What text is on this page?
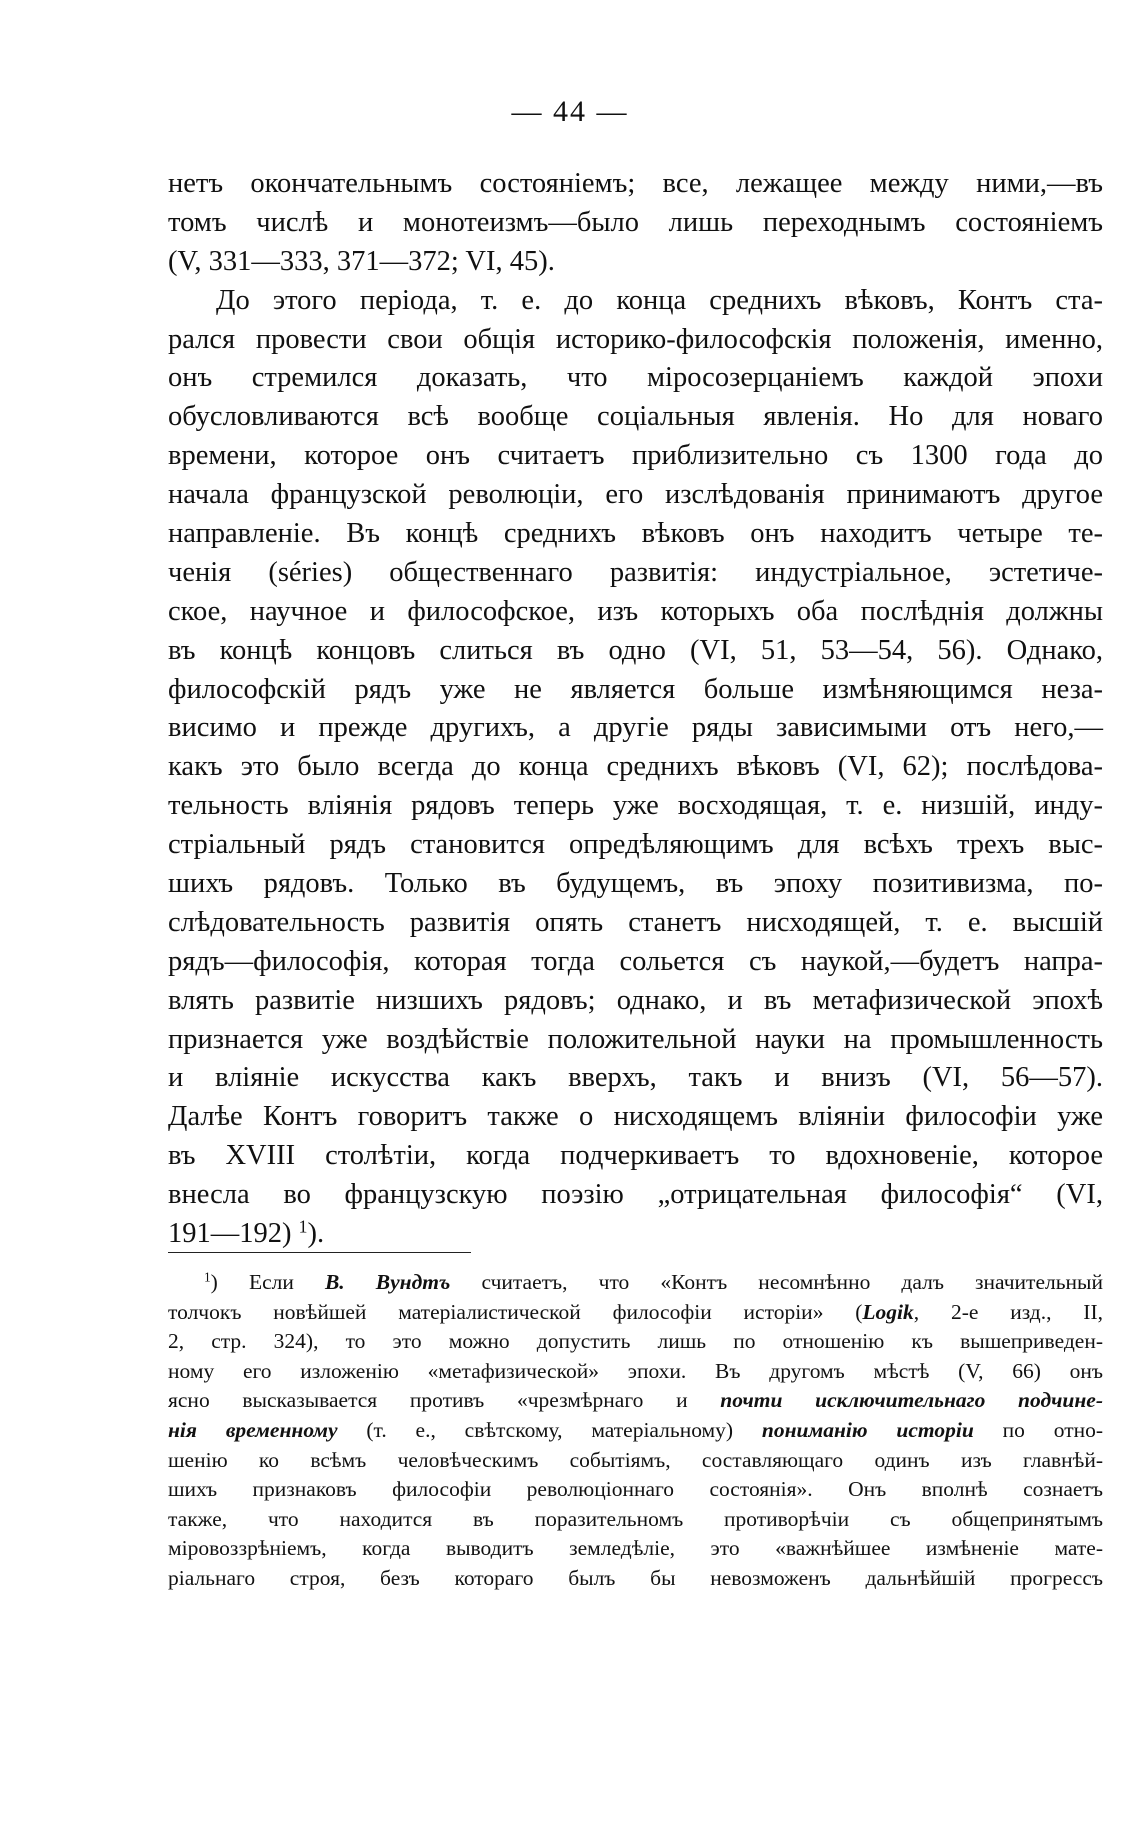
— 44 —
нетъ окончательнымъ состояніемъ; все, лежащее между ними,—въ
томъ числѣ и монотеизмъ—было лишь переходнымъ состояніемъ
(V, 331—333, 371—372; VI, 45).
До этого періода, т. е. до конца среднихъ вѣковъ, Контъ ста-
рался провести свои общія историко-философскія положенія, именно,
онъ стремился доказать, что міросозерцаніемъ каждой эпохи
обусловливаются всѣ вообще соціальныя явленія. Но для новаго
времени, которое онъ считаетъ приблизительно съ 1300 года до
начала французской революціи, его изслѣдованія принимаютъ другое
направленіе. Въ концѣ среднихъ вѣковъ онъ находитъ четыре те-
ченія (séries) общественнаго развитія: индустріальное, эстетиче-
ское, научное и философское, изъ которыхъ оба послѣднія должны
въ концѣ концовъ слиться въ одно (VI, 51, 53—54, 56). Однако,
философскій рядъ уже не является больше измѣняющимся неза-
висимо и прежде другихъ, а другіе ряды зависимыми отъ него,—
какъ это было всегда до конца среднихъ вѣковъ (VI, 62); послѣдова-
тельность вліянія рядовъ теперь уже восходящая, т. е. низшій, инду-
стріальный рядъ становится опредѣляющимъ для всѣхъ трехъ выс-
шихъ рядовъ. Только въ будущемъ, въ эпоху позитивизма, по-
слѣдовательность развитія опять станетъ нисходящей, т. е. высшій
рядъ—философія, которая тогда сольется съ наукой,—будетъ напра-
влять развитіе низшихъ рядовъ; однако, и въ метафизической эпохѣ
признается уже воздѣйствіе положительной науки на промышленность
и вліяніе искусства какъ вверхъ, такъ и внизъ (VI, 56—57).
Далѣе Контъ говоритъ также о нисходящемъ вліяніи философіи уже
въ XVIII столѣтіи, когда подчеркиваетъ то вдохновеніе, которое
внесла во французскую поэзію „отрицательная философія“ (VI,
191—192) $^1$).
$^1$) Если В. Вундтъ считаетъ, что «Контъ несомнѣнно далъ значительный
толчокъ новѣйшей матеріалистической философіи исторіи» (Logik, 2-е изд., II,
2, стр. 324), то это можно допустить лишь по отношенію къ вышеприведен-
ному его изложенію «метафизической» эпохи. Въ другомъ мѣстѣ (V, 66) онъ
ясно высказывается противъ «чрезмѣрнаго и почти исключительнаго подчине-
нія временному (т. е., свѣтскому, матеріальному) пониманію исторіи по отно-
шенію ко всѣмъ человѣческимъ событіямъ, составляющаго одинъ изъ главнѣй-
шихъ признаковъ философіи революціоннаго состоянія». Онъ вполнѣ сознаетъ
также, что находится въ поразительномъ противорѣчіи съ общепринятымъ
міровоззрѣніемъ, когда выводитъ земледѣліе, это «важнѣйшее измѣненіе мате-
ріальнаго строя, безъ котораго былъ бы невозможенъ дальнѣйшій прогрессъ
